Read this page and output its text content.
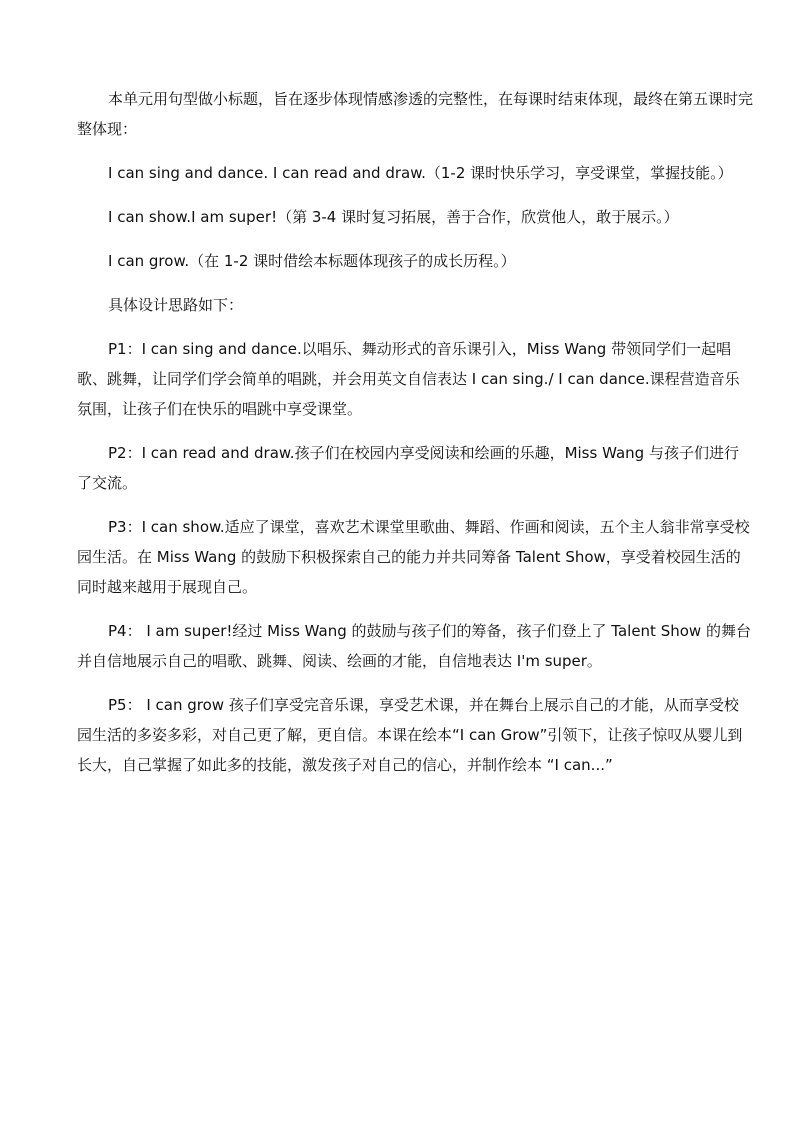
本单元用句型做小标题，旨在逐步体现情感渗透的完整性，在每课时结束体现，最终在第五课时完整体现：

I can sing and dance. I can read and draw.（1-2 课时快乐学习，享受课堂，掌握技能。）

I can show.I am super!（第 3-4 课时复习拓展，善于合作，欣赏他人，敢于展示。）

I can grow.（在 1-2 课时借绘本标题体现孩子的成长历程。）

具体设计思路如下：

P1：I can sing and dance.以唱乐、舞动形式的音乐课引入，Miss Wang 带领同学们一起唱歌、跳舞，让同学们学会简单的唱跳，并会用英文自信表达 I can sing./ I can dance.课程营造音乐氛围，让孩子们在快乐的唱跳中享受课堂。

P2：I can read and draw.孩子们在校园内享受阅读和绘画的乐趣，Miss Wang 与孩子们进行了交流。

P3：I can show.适应了课堂，喜欢艺术课堂里歌曲、舞蹈、作画和阅读，五个主人翁非常享受校园生活。在 Miss Wang 的鼓励下积极探索自己的能力并共同筹备 Talent Show，享受着校园生活的同时越来越用于展现自己。

P4： I am super!经过 Miss Wang 的鼓励与孩子们的筹备，孩子们登上了 Talent Show 的舞台并自信地展示自己的唱歌、跳舞、阅读、绘画的才能，自信地表达 I'm super。

P5： I can grow 孩子们享受完音乐课，享受艺术课，并在舞台上展示自己的才能，从而享受校园生活的多姿多彩，对自己更了解，更自信。本课在绘本“I can Grow”引领下，让孩子惊叹从婴儿到长大，自己掌握了如此多的技能，激发孩子对自己的信心，并制作绘本 “I can...”
